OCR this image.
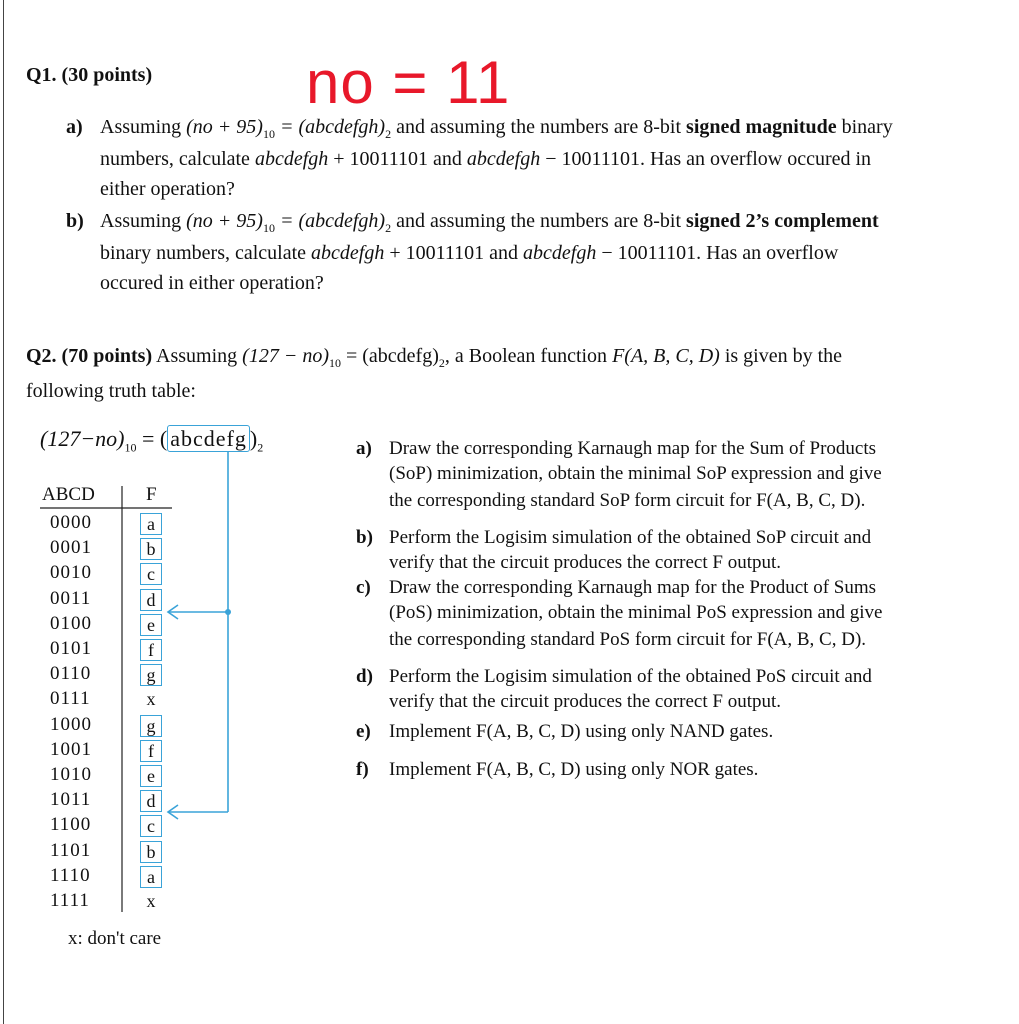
Q1. (30 points)	no = 11
a) Assuming $(no + 95)_{10}$ = $(abcdefgh)_2$ and assuming the numbers are 8-bit signed magnitude binary
numbers, calculate abcdefgh + 10011101 and abcdefgh − 10011101. Has an overflow occured in
either operation?
b) Assuming $(no + 95)_{10}$ = $(abcdefgh)_2$ and assuming the numbers are 8-bit signed 2’s complement
binary numbers, calculate abcdefgh + 10011101 and abcdefgh − 10011101. Has an overflow
occured in either operation?
Q2. (70 points) Assuming $(127 - no)_{10}$ = $(abcdefg)_2$, a Boolean function F(A, B, C, D) is given by the
following truth table:
$(127-no)_{10}$ = ( abcdefg )$_2$
ABCD	F
0000	a
0001	b
0010	c
0011	d
0100	e
0101	f
0110	g
0111	x
1000	g
1001	f
1010	e
1011	d
1100	c
1101	b
1110	a
1111	x
x: don't care
a) Draw the corresponding Karnaugh map for the Sum of Products
(SoP) minimization, obtain the minimal SoP expression and give
the corresponding standard SoP form circuit for F(A, B, C, D).
b) Perform the Logisim simulation of the obtained SoP circuit and
verify that the circuit produces the correct F output.
c) Draw the corresponding Karnaugh map for the Product of Sums
(PoS) minimization, obtain the minimal PoS expression and give
the corresponding standard PoS form circuit for F(A, B, C, D).
d) Perform the Logisim simulation of the obtained PoS circuit and
verify that the circuit produces the correct F output.
e) Implement F(A, B, C, D) using only NAND gates.
f) Implement F(A, B, C, D) using only NOR gates.
